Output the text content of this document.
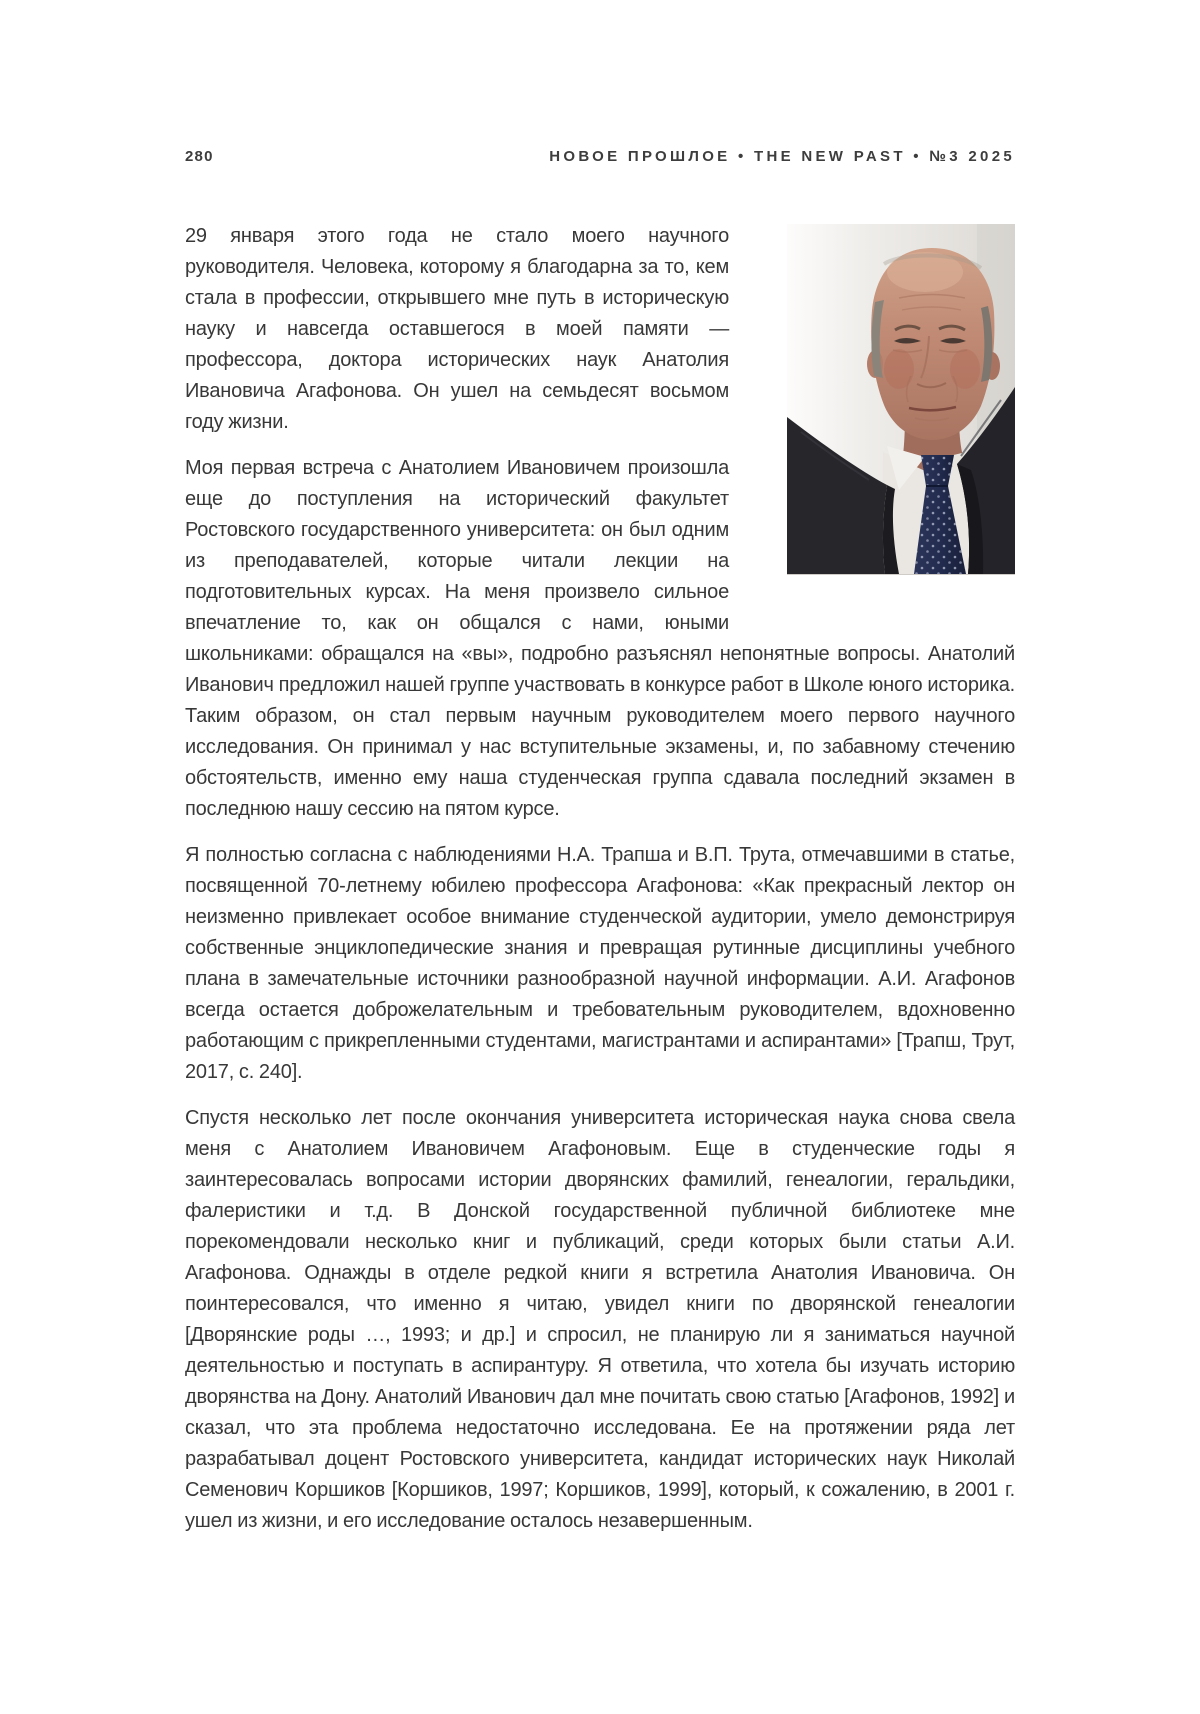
280	НОВОЕ ПРОШЛОЕ • THE NEW PAST • №3 2025

29 января этого года не стало моего научного руководителя. Человека, которому я благодарна за то, кем стала в профессии, открывшего мне путь в историческую науку и навсегда оставшегося в моей памяти — профессора, доктора исторических наук Анатолия Ивановича Агафонова. Он ушел на семьдесят восьмом году жизни.

Моя первая встреча с Анатолием Ивановичем произошла еще до поступления на исторический факультет Ростовского государственного университета: он был одним из преподавателей, которые читали лекции на подготовительных курсах. На меня произвело сильное впечатление то, как он общался с нами, юными школьниками: обращался на «вы», подробно разъяснял непонятные вопросы. Анатолий Иванович предложил нашей группе участвовать в конкурсе работ в Школе юного историка. Таким образом, он стал первым научным руководителем моего первого научного исследования. Он принимал у нас вступительные экзамены, и, по забавному стечению обстоятельств, именно ему наша студенческая группа сдавала последний экзамен в последнюю нашу сессию на пятом курсе.

Я полностью согласна с наблюдениями Н.А. Трапша и В.П. Трута, отмечавшими в статье, посвященной 70-летнему юбилею профессора Агафонова: «Как прекрасный лектор он неизменно привлекает особое внимание студенческой аудитории, умело демонстрируя собственные энциклопедические знания и превращая рутинные дисциплины учебного плана в замечательные источники разнообразной научной информации. А.И. Агафонов всегда остается доброжелательным и требовательным руководителем, вдохновенно работающим с прикрепленными студентами, магистрантами и аспирантами» [Трапш, Трут, 2017, с. 240].

Спустя несколько лет после окончания университета историческая наука снова свела меня с Анатолием Ивановичем Агафоновым. Еще в студенческие годы я заинтересовалась вопросами истории дворянских фамилий, генеалогии, геральдики, фалеристики и т.д. В Донской государственной публичной библиотеке мне порекомендовали несколько книг и публикаций, среди которых были статьи А.И. Агафонова. Однажды в отделе редкой книги я встретила Анатолия Ивановича. Он поинтересовался, что именно я читаю, увидел книги по дворянской генеалогии [Дворянские роды …, 1993; и др.] и спросил, не планирую ли я заниматься научной деятельностью и поступать в аспирантуру. Я ответила, что хотела бы изучать историю дворянства на Дону. Анатолий Иванович дал мне почитать свою статью [Агафонов, 1992] и сказал, что эта проблема недостаточно исследована. Ее на протяжении ряда лет разрабатывал доцент Ростовского университета, кандидат исторических наук Николай Семенович Коршиков [Коршиков, 1997; Коршиков, 1999], который, к сожалению, в 2001 г. ушел из жизни, и его исследование осталось незавершенным.
